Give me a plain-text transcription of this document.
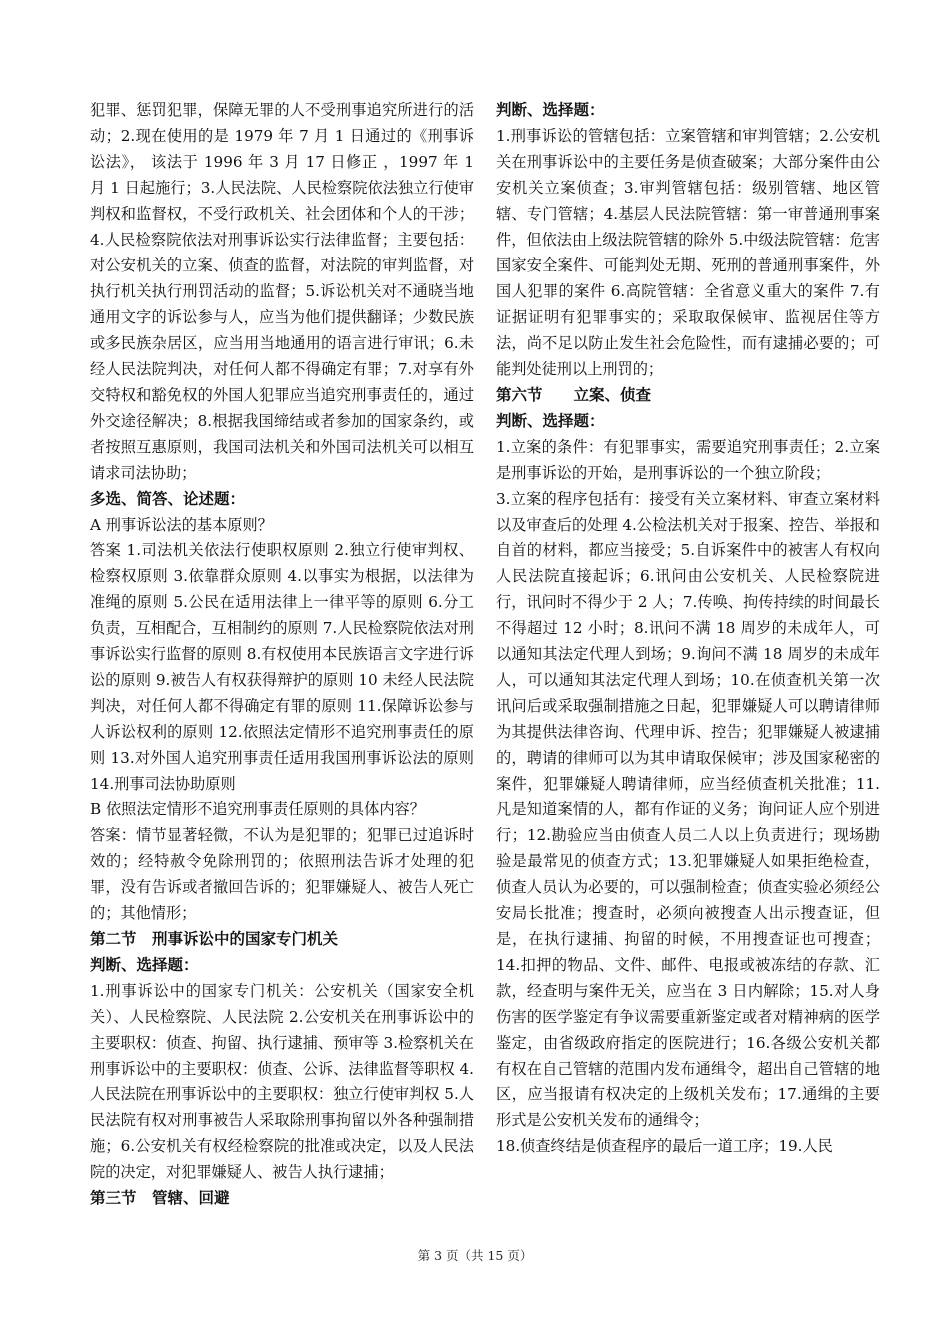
犯罪、惩罚犯罪，保障无罪的人不受刑事追究所进行的活动；2.现在使用的是 1979 年 7 月 1 日通过的《刑事诉讼法》， 该法于 1996 年 3 月 17 日修正 ，1997 年 1 月 1 日起施行；3.人民法院、人民检察院依法独立行使审判权和监督权，不受行政机关、社会团体和个人的干涉；4.人民检察院依法对刑事诉讼实行法律监督；主要包括：对公安机关的立案、侦查的监督，对法院的审判监督，对执行机关执行刑罚活动的监督；5.诉讼机关对不通晓当地通用文字的诉讼参与人，应当为他们提供翻译；少数民族或多民族杂居区，应当用当地通用的语言进行审讯；6.未经人民法院判决，对任何人都不得确定有罪；7.对享有外交特权和豁免权的外国人犯罪应当追究刑事责任的，通过外交途径解决；8.根据我国缔结或者参加的国家条约，或者按照互惠原则，我国司法机关和外国司法机关可以相互请求司法协助；

多选、简答、论述题：

A 刑事诉讼法的基本原则？

答案 1.司法机关依法行使职权原则 2.独立行使审判权、检察权原则 3.依靠群众原则 4.以事实为根据，以法律为准绳的原则 5.公民在适用法律上一律平等的原则 6.分工负责，互相配合，互相制约的原则 7.人民检察院依法对刑事诉讼实行监督的原则 8.有权使用本民族语言文字进行诉讼的原则 9.被告人有权获得辩护的原则 10 未经人民法院判决，对任何人都不得确定有罪的原则 11.保障诉讼参与人诉讼权利的原则 12.依照法定情形不追究刑事责任的原则 13.对外国人追究刑事责任适用我国刑事诉讼法的原则 14.刑事司法协助原则

B 依照法定情形不追究刑事责任原则的具体内容？

答案：情节显著轻微，不认为是犯罪的；犯罪已过追诉时效的；经特赦令免除刑罚的；依照刑法告诉才处理的犯罪，没有告诉或者撤回告诉的；犯罪嫌疑人、被告人死亡的；其他情形；

第二节　刑事诉讼中的国家专门机关

判断、选择题：

1.刑事诉讼中的国家专门机关：公安机关（国家安全机关）、人民检察院、人民法院 2.公安机关在刑事诉讼中的主要职权：侦查、拘留、执行逮捕、预审等 3.检察机关在刑事诉讼中的主要职权：侦查、公诉、法律监督等职权 4.人民法院在刑事诉讼中的主要职权：独立行使审判权 5.人民法院有权对刑事被告人采取除刑事拘留以外各种强制措施；6.公安机关有权经检察院的批准或决定，以及人民法院的决定，对犯罪嫌疑人、被告人执行逮捕；

第三节　管辖、回避

判断、选择题：

1.刑事诉讼的管辖包括：立案管辖和审判管辖；2.公安机关在刑事诉讼中的主要任务是侦查破案；大部分案件由公安机关立案侦查；3.审判管辖包括：级别管辖、地区管辖、专门管辖；4.基层人民法院管辖：第一审普通刑事案件，但依法由上级法院管辖的除外 5.中级法院管辖：危害国家安全案件、可能判处无期、死刑的普通刑事案件，外国人犯罪的案件 6.高院管辖：全省意义重大的案件 7.有证据证明有犯罪事实的；采取取保候审、监视居住等方法，尚不足以防止发生社会危险性，而有逮捕必要的；可能判处徒刑以上刑罚的；

第六节　　立案、侦查

判断、选择题：

1.立案的条件：有犯罪事实，需要追究刑事责任；2.立案是刑事诉讼的开始，是刑事诉讼的一个独立阶段；

3.立案的程序包括有：接受有关立案材料、审查立案材料以及审查后的处理 4.公检法机关对于报案、控告、举报和自首的材料，都应当接受；5.自诉案件中的被害人有权向人民法院直接起诉；6.讯问由公安机关、人民检察院进行，讯问时不得少于 2 人；7.传唤、拘传持续的时间最长不得超过 12 小时；8.讯问不满 18 周岁的未成年人，可以通知其法定代理人到场；9.询问不满 18 周岁的未成年人，可以通知其法定代理人到场；10.在侦查机关第一次讯问后或采取强制措施之日起，犯罪嫌疑人可以聘请律师为其提供法律咨询、代理申诉、控告；犯罪嫌疑人被逮捕的，聘请的律师可以为其申请取保候审；涉及国家秘密的案件，犯罪嫌疑人聘请律师，应当经侦查机关批准；11.凡是知道案情的人，都有作证的义务；询问证人应个别进行；12.勘验应当由侦查人员二人以上负责进行；现场勘验是最常见的侦查方式；13.犯罪嫌疑人如果拒绝检查，侦查人员认为必要的，可以强制检查；侦查实验必须经公安局长批准；搜查时，必须向被搜查人出示搜查证，但是，在执行逮捕、拘留的时候，不用搜查证也可搜查；14.扣押的物品、文件、邮件、电报或被冻结的存款、汇款，经查明与案件无关，应当在 3 日内解除；15.对人身伤害的医学鉴定有争议需要重新鉴定或者对精神病的医学鉴定，由省级政府指定的医院进行；16.各级公安机关都有权在自己管辖的范围内发布通缉令，超出自己管辖的地区，应当报请有权决定的上级机关发布；17.通缉的主要形式是公安机关发布的通缉令；

18.侦查终结是侦查程序的最后一道工序；19.人民

第 3 页（共 15 页）
